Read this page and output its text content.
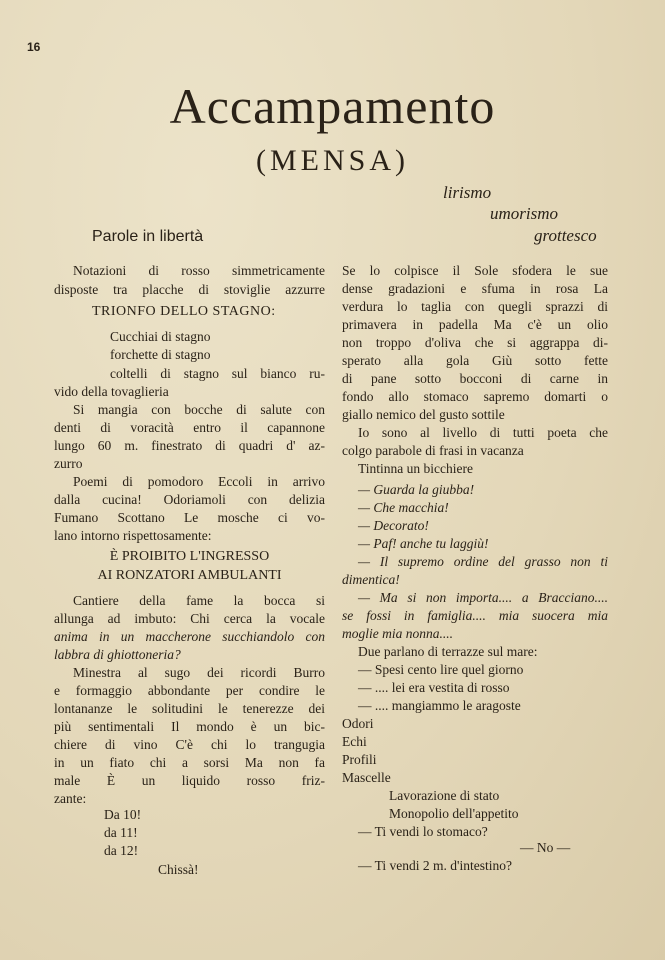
16
Accampamento
(MENSA)
lirismo
umorismo
grottesco
Parole in libertà
Notazioni di rosso simmetricamente
disposte tra placche di stoviglie azzurre
TRIONFO DELLO STAGNO:
Cucchiai di stagno
forchette di stagno
coltelli di stagno sul bianco ru-
vido della tovaglieria
Si mangia con bocche di salute con
denti di voracità entro il capannone
lungo 60 m. finestrato di quadri d' az-
zurro
Poemi di pomodoro Eccoli in arrivo
dalla cucina! Odoriamoli con delizia
Fumano Scottano Le mosche ci vo-
lano intorno rispettosamente:
È PROIBITO L'INGRESSO
AI RONZATORI AMBULANTI
Cantiere della fame la bocca si
allunga ad imbuto: Chi cerca la vocale
anima in un maccherone succhiandolo con
labbra di ghiottoneria?
Minestra al sugo dei ricordi Burro
e formaggio abbondante per condire le
lontananze le solitudini le tenerezze dei
più sentimentali Il mondo è un bic-
chiere di vino C'è chi lo trangugia
in un fiato chi a sorsi Ma non fa
male È un liquido rosso friz-
zante:
Da 10!
da 11!
da 12!
Chissà!
Se lo colpisce il Sole sfodera le sue
dense gradazioni e sfuma in rosa La
verdura lo taglia con quegli sprazzi di
primavera in padella Ma c'è un olio
non troppo d'oliva che si aggrappa di-
sperato alla gola Giù sotto fette
di pane sotto bocconi di carne in
fondo allo stomaco sapremo domarti o
giallo nemico del gusto sottile
Io sono al livello di tutti poeta che
colgo parabole di frasi in vacanza
Tintinna un bicchiere
— Guarda la giubba!
— Che macchia!
— Decorato!
— Paf! anche tu laggiù!
— Il supremo ordine del grasso non ti
dimentica!
— Ma si non importa.... a Bracciano....
se fossi in famiglia.... mia suocera mia
moglie mia nonna....
Due parlano di terrazze sul mare:
— Spesi cento lire quel giorno
— .... lei era vestita di rosso
— .... mangiammo le aragoste
Odori
Echi
Profili
Mascelle
Lavorazione di stato
Monopolio dell'appetito
— Ti vendi lo stomaco?
— No —
— Ti vendi 2 m. d'intestino?
